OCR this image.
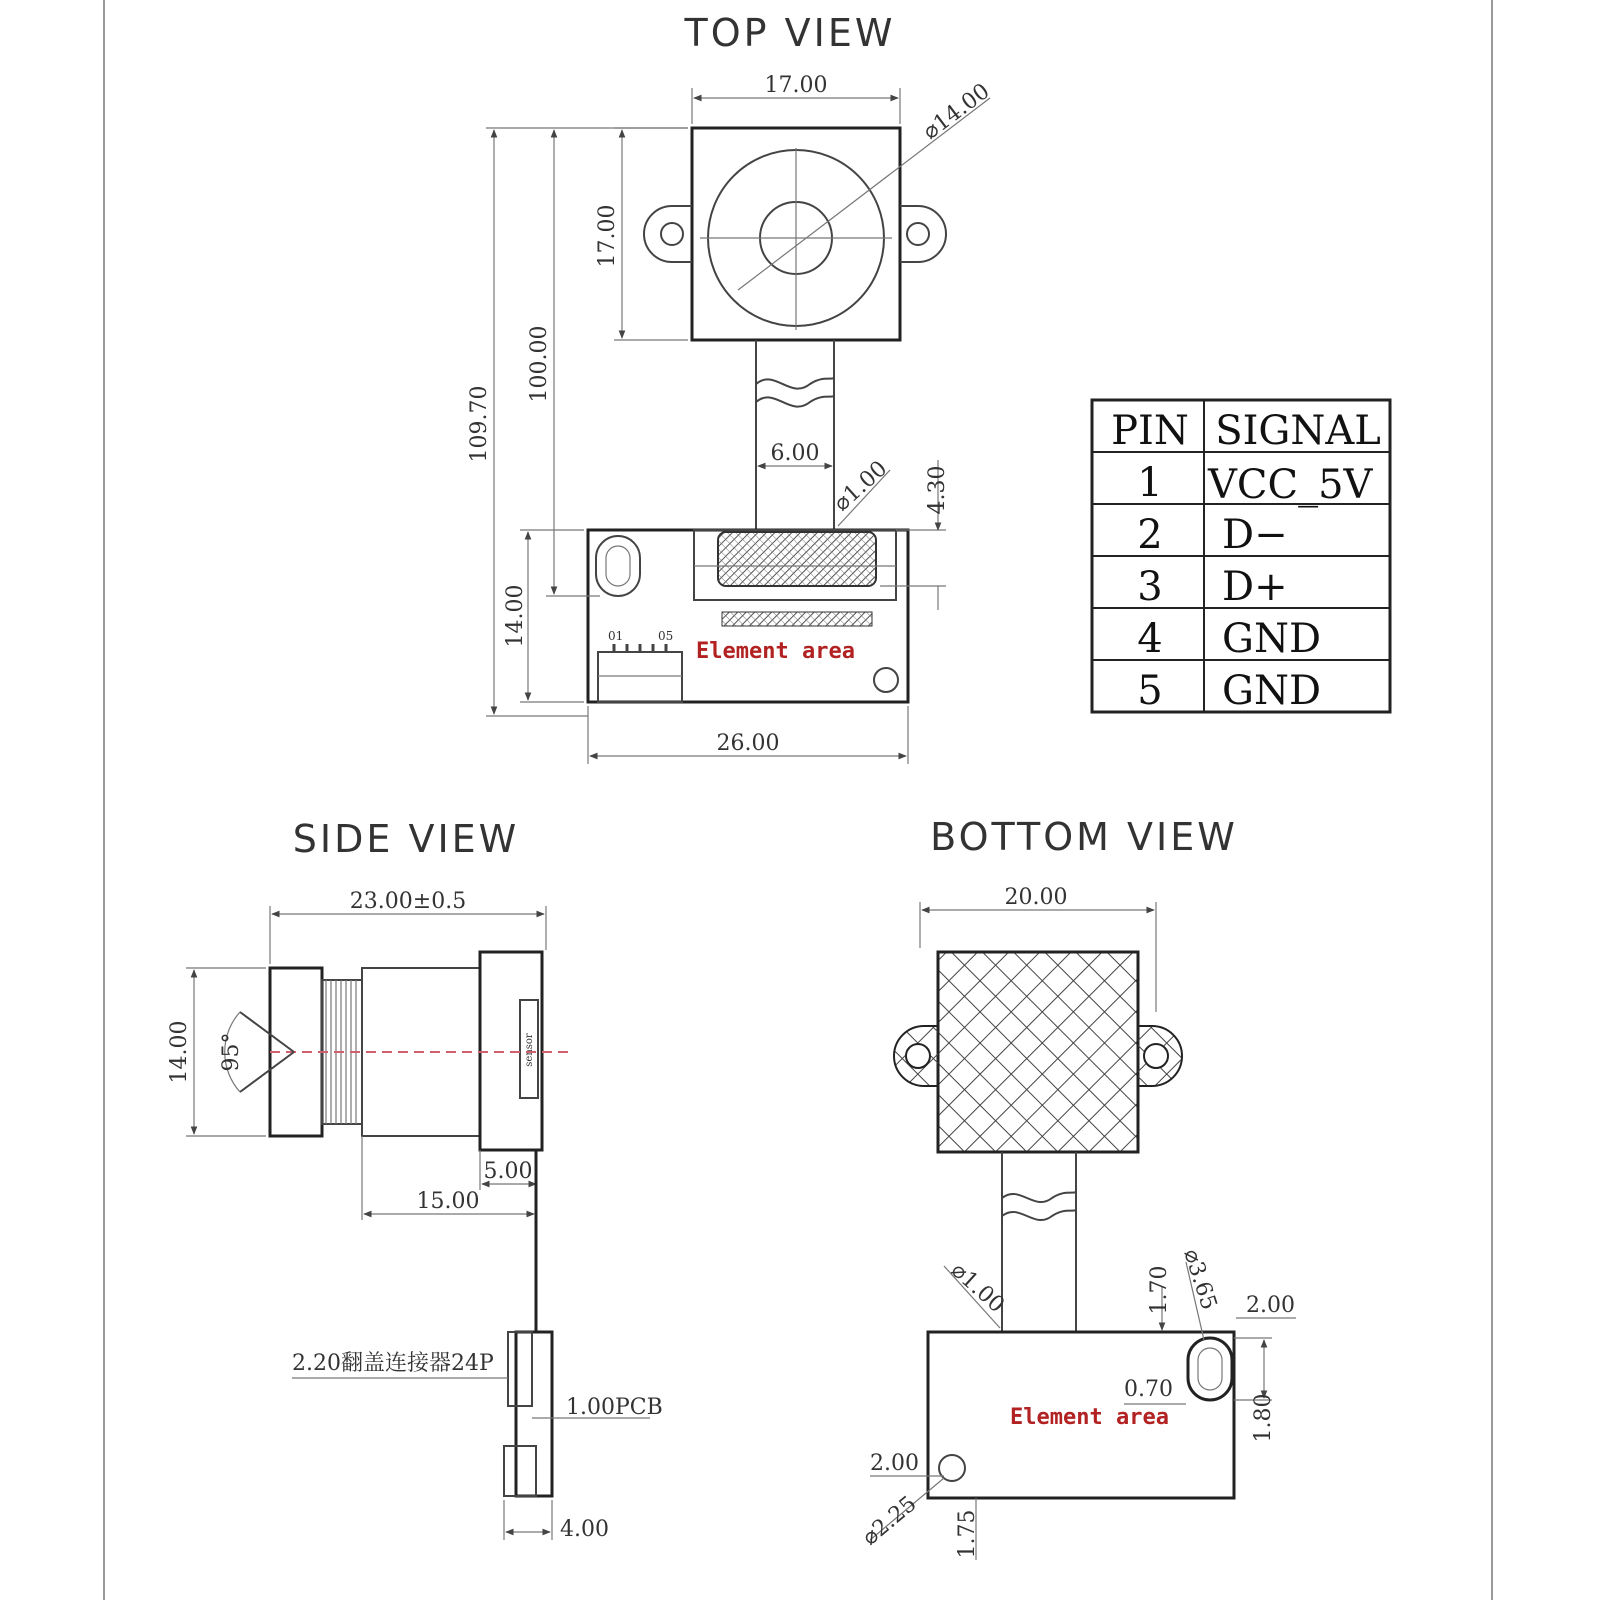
TOP VIEW
⌀14.00
17.00
17.00
6.00
⌀1.00
01	05
Element area
4.30
100.00
109.70
14.00
26.00
PIN SIGNAL
1 VCC_5V
2 D−
3 D+
4 GND
5 GND
SIDE VIEW
23.00±0.5
sensor
95°
14.00
5.00
15.00
2.20翻盖连接器24P
1.00PCB
4.00
BOTTOM VIEW
20.00
⌀1.00
Element area
1.70 ⌀3.65 2.00
0.70
1.80
2.00
⌀2.25 1.75
